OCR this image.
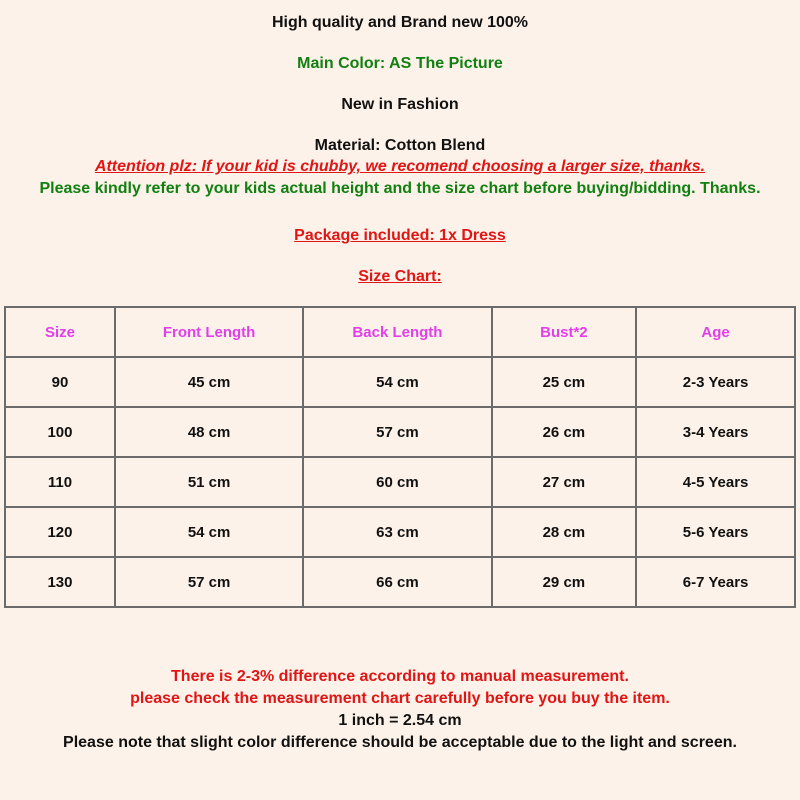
High quality and Brand new 100%
Main Color: AS The Picture
New in Fashion
Material: Cotton Blend
Attention plz: If your kid is chubby, we recomend choosing a larger size, thanks.
Please kindly refer to your kids actual height and the size chart before buying/bidding. Thanks.
Package included: 1x Dress
Size Chart:
Size	Front Length	Back Length	Bust*2	Age
90	45 cm	54 cm	25 cm	2-3 Years
100	48 cm	57 cm	26 cm	3-4 Years
110	51 cm	60 cm	27 cm	4-5 Years
120	54 cm	63 cm	28 cm	5-6 Years
130	57 cm	66 cm	29 cm	6-7 Years
There is 2-3% difference according to manual measurement.
please check the measurement chart carefully before you buy the item.
1 inch = 2.54 cm
Please note that slight color difference should be acceptable due to the light and screen.
